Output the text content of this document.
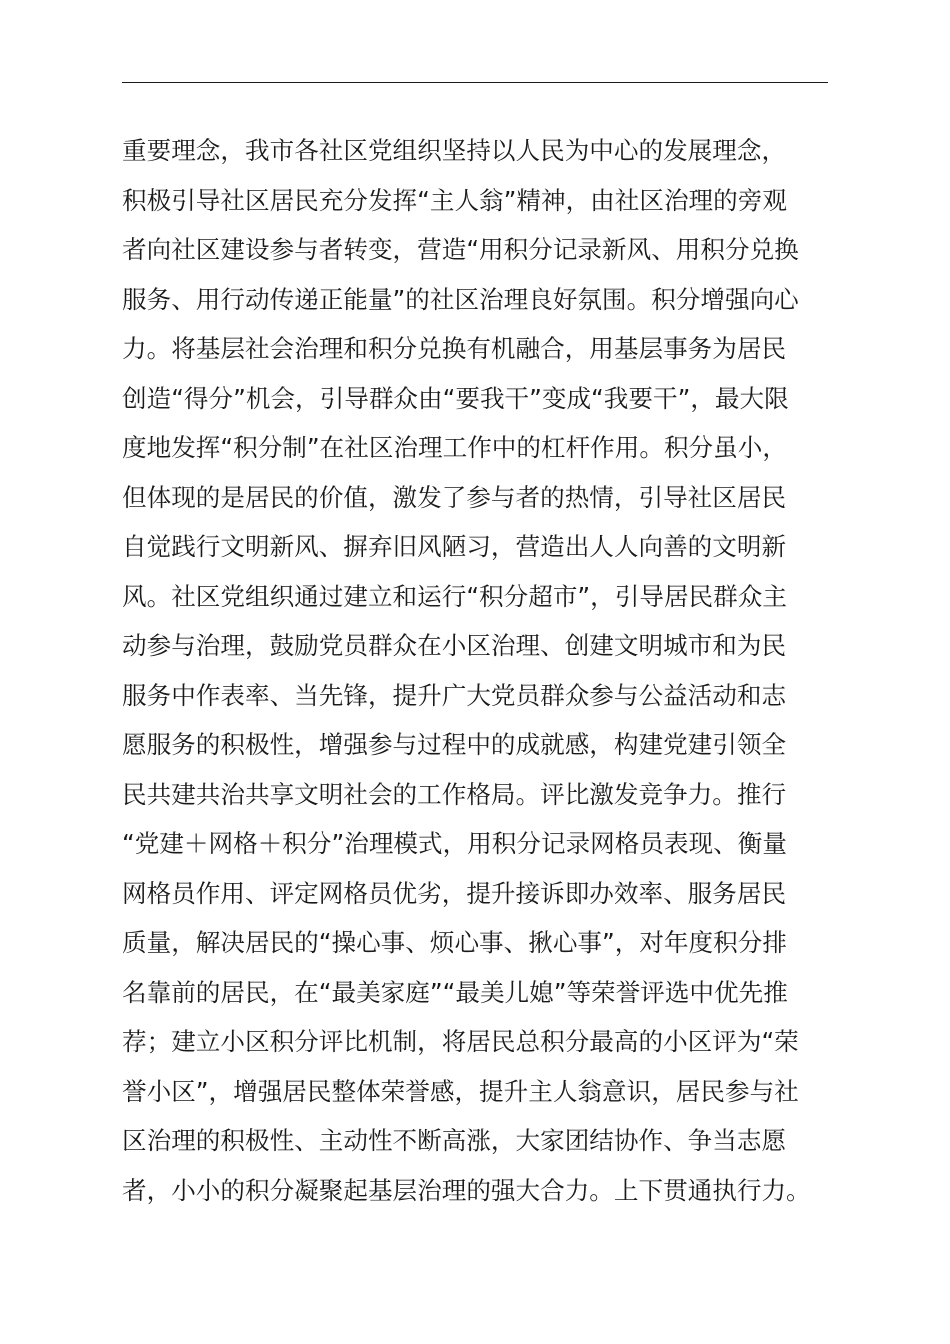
重要理念，我市各社区党组织坚持以人民为中心的发展理念，
积极引导社区居民充分发挥“主人翁”精神，由社区治理的旁观
者向社区建设参与者转变，营造“用积分记录新风、用积分兑换
服务、用行动传递正能量”的社区治理良好氛围。积分增强向心
力。将基层社会治理和积分兑换有机融合，用基层事务为居民
创造“得分”机会，引导群众由“要我干”变成“我要干”，最大限
度地发挥“积分制”在社区治理工作中的杠杆作用。积分虽小，
但体现的是居民的价值，激发了参与者的热情，引导社区居民
自觉践行文明新风、摒弃旧风陋习，营造出人人向善的文明新
风。社区党组织通过建立和运行“积分超市”，引导居民群众主
动参与治理，鼓励党员群众在小区治理、创建文明城市和为民
服务中作表率、当先锋，提升广大党员群众参与公益活动和志
愿服务的积极性，增强参与过程中的成就感，构建党建引领全
民共建共治共享文明社会的工作格局。评比激发竞争力。推行
“党建＋网格＋积分”治理模式，用积分记录网格员表现、衡量
网格员作用、评定网格员优劣，提升接诉即办效率、服务居民
质量，解决居民的“操心事、烦心事、揪心事”，对年度积分排
名靠前的居民，在“最美家庭”“最美儿媳”等荣誉评选中优先推
荐；建立小区积分评比机制，将居民总积分最高的小区评为“荣
誉小区”，增强居民整体荣誉感，提升主人翁意识，居民参与社
区治理的积极性、主动性不断高涨，大家团结协作、争当志愿
者，小小的积分凝聚起基层治理的强大合力。上下贯通执行力。
